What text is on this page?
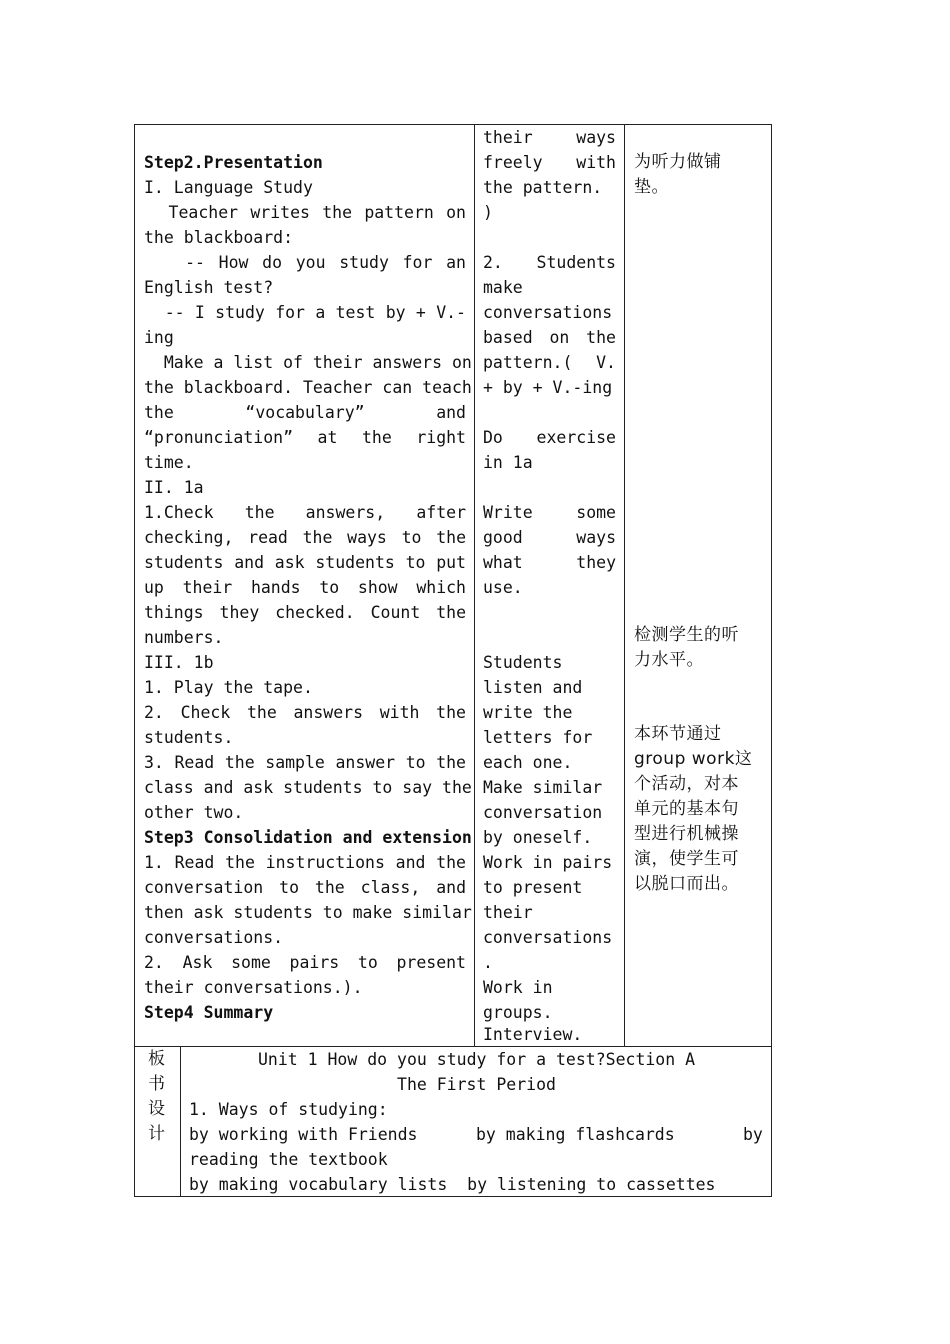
Step2.Presentation
I. Language Study
Teacher writes the pattern on
the blackboard:
-- How do you study for an
English test?
-- I study for a test by + V.-
ing
Make a list of their answers on
the blackboard. Teacher can teach
the “vocabulary” and
“pronunciation” at the right
time.
II. 1a
1.Check the answers, after
checking, read the ways to the
students and ask students to put
up their hands to show which
things they checked. Count the
numbers.
III. 1b
1. Play the tape.
2. Check the answers with the
students.
3. Read the sample answer to the
class and ask students to say the
other two.
Step3 Consolidation and extension
1. Read the instructions and the
conversation to the class, and
then ask students to make similar
conversations.
2. Ask some pairs to present
their conversations.).
Step4 Summary
their ways
freely with
the pattern.
)
2. Students
make
conversations
based on the
pattern.( V.
+ by + V.-ing
Do exercise
in 1a
Write some
good ways
what they
use.
Students
listen and
write the
letters for
each one.
Make similar
conversation
by oneself.
Work in pairs
to present
their
conversations
.
Work in
groups.
Interview.
为听力做铺
垫。
检测学生的听
力水平。
本环节通过
group work这
个活动，对本
单元的基本句
型进行机械操
演，使学生可
以脱口而出。
板
书
设
计
Unit 1 How do you study for a test?Section A
The First Period
1. Ways of studying:
by working with Friends	by making flashcards	by
reading the textbook
by making vocabulary lists  by listening to cassettes
